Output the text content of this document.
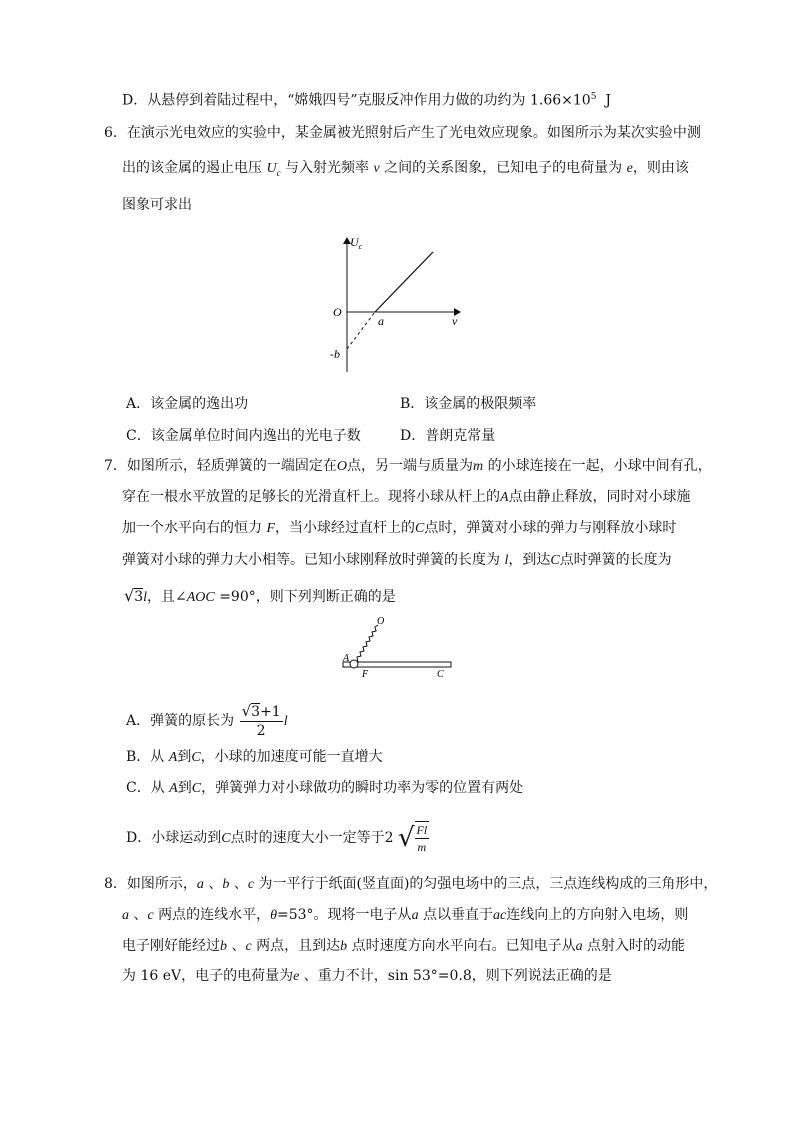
D．从悬停到着陆过程中，“嫦娥四号”克服反冲作用力做的功约为 $1.66\times 10^5$ J
6．在演示光电效应的实验中，某金属被光照射后产生了光电效应现象。如图所示为某次实验中测
出的该金属的遏止电压 $U_c$ 与入射光频率 ν 之间的关系图象，已知电子的电荷量为 e，则由该
图象可求出
$U_c$
O
a	ν
-b
A．该金属的逸出功	B．该金属的极限频率
C．该金属单位时间内逸出的光电子数	D．普朗克常量
7．如图所示，轻质弹簧的一端固定在O点，另一端与质量为m 的小球连接在一起，小球中间有孔，
穿在一根水平放置的足够长的光滑直杆上。现将小球从杆上的A点由静止释放，同时对小球施
加一个水平向右的恒力 F，当小球经过直杆上的C点时，弹簧对小球的弹力与刚释放小球时
弹簧对小球的弹力大小相等。已知小球刚释放时弹簧的长度为 l，到达C点时弹簧的长度为
√3l，且∠AOC =90°，则下列判断正确的是
O
A
F	C
A．弹簧的原长为 $\frac{√3+1}{2}$ l
B．从 A到C，小球的加速度可能一直增大
C．从 A到C，弹簧弹力对小球做功的瞬时功率为零的位置有两处
D．小球运动到C点时的速度大小一定等于2 √ $\frac{Fl}{m}$
8．如图所示，a 、b 、c 为一平行于纸面(竖直面)的匀强电场中的三点，三点连线构成的三角形中，
a 、c 两点的连线水平，θ=53°。现将一电子从a 点以垂直于ac连线向上的方向射入电场，则
电子刚好能经过b 、c 两点，且到达b 点时速度方向水平向右。已知电子从a 点射入时的动能
为 16 eV，电子的电荷量为e 、重力不计，sin 53°=0.8，则下列说法正确的是
